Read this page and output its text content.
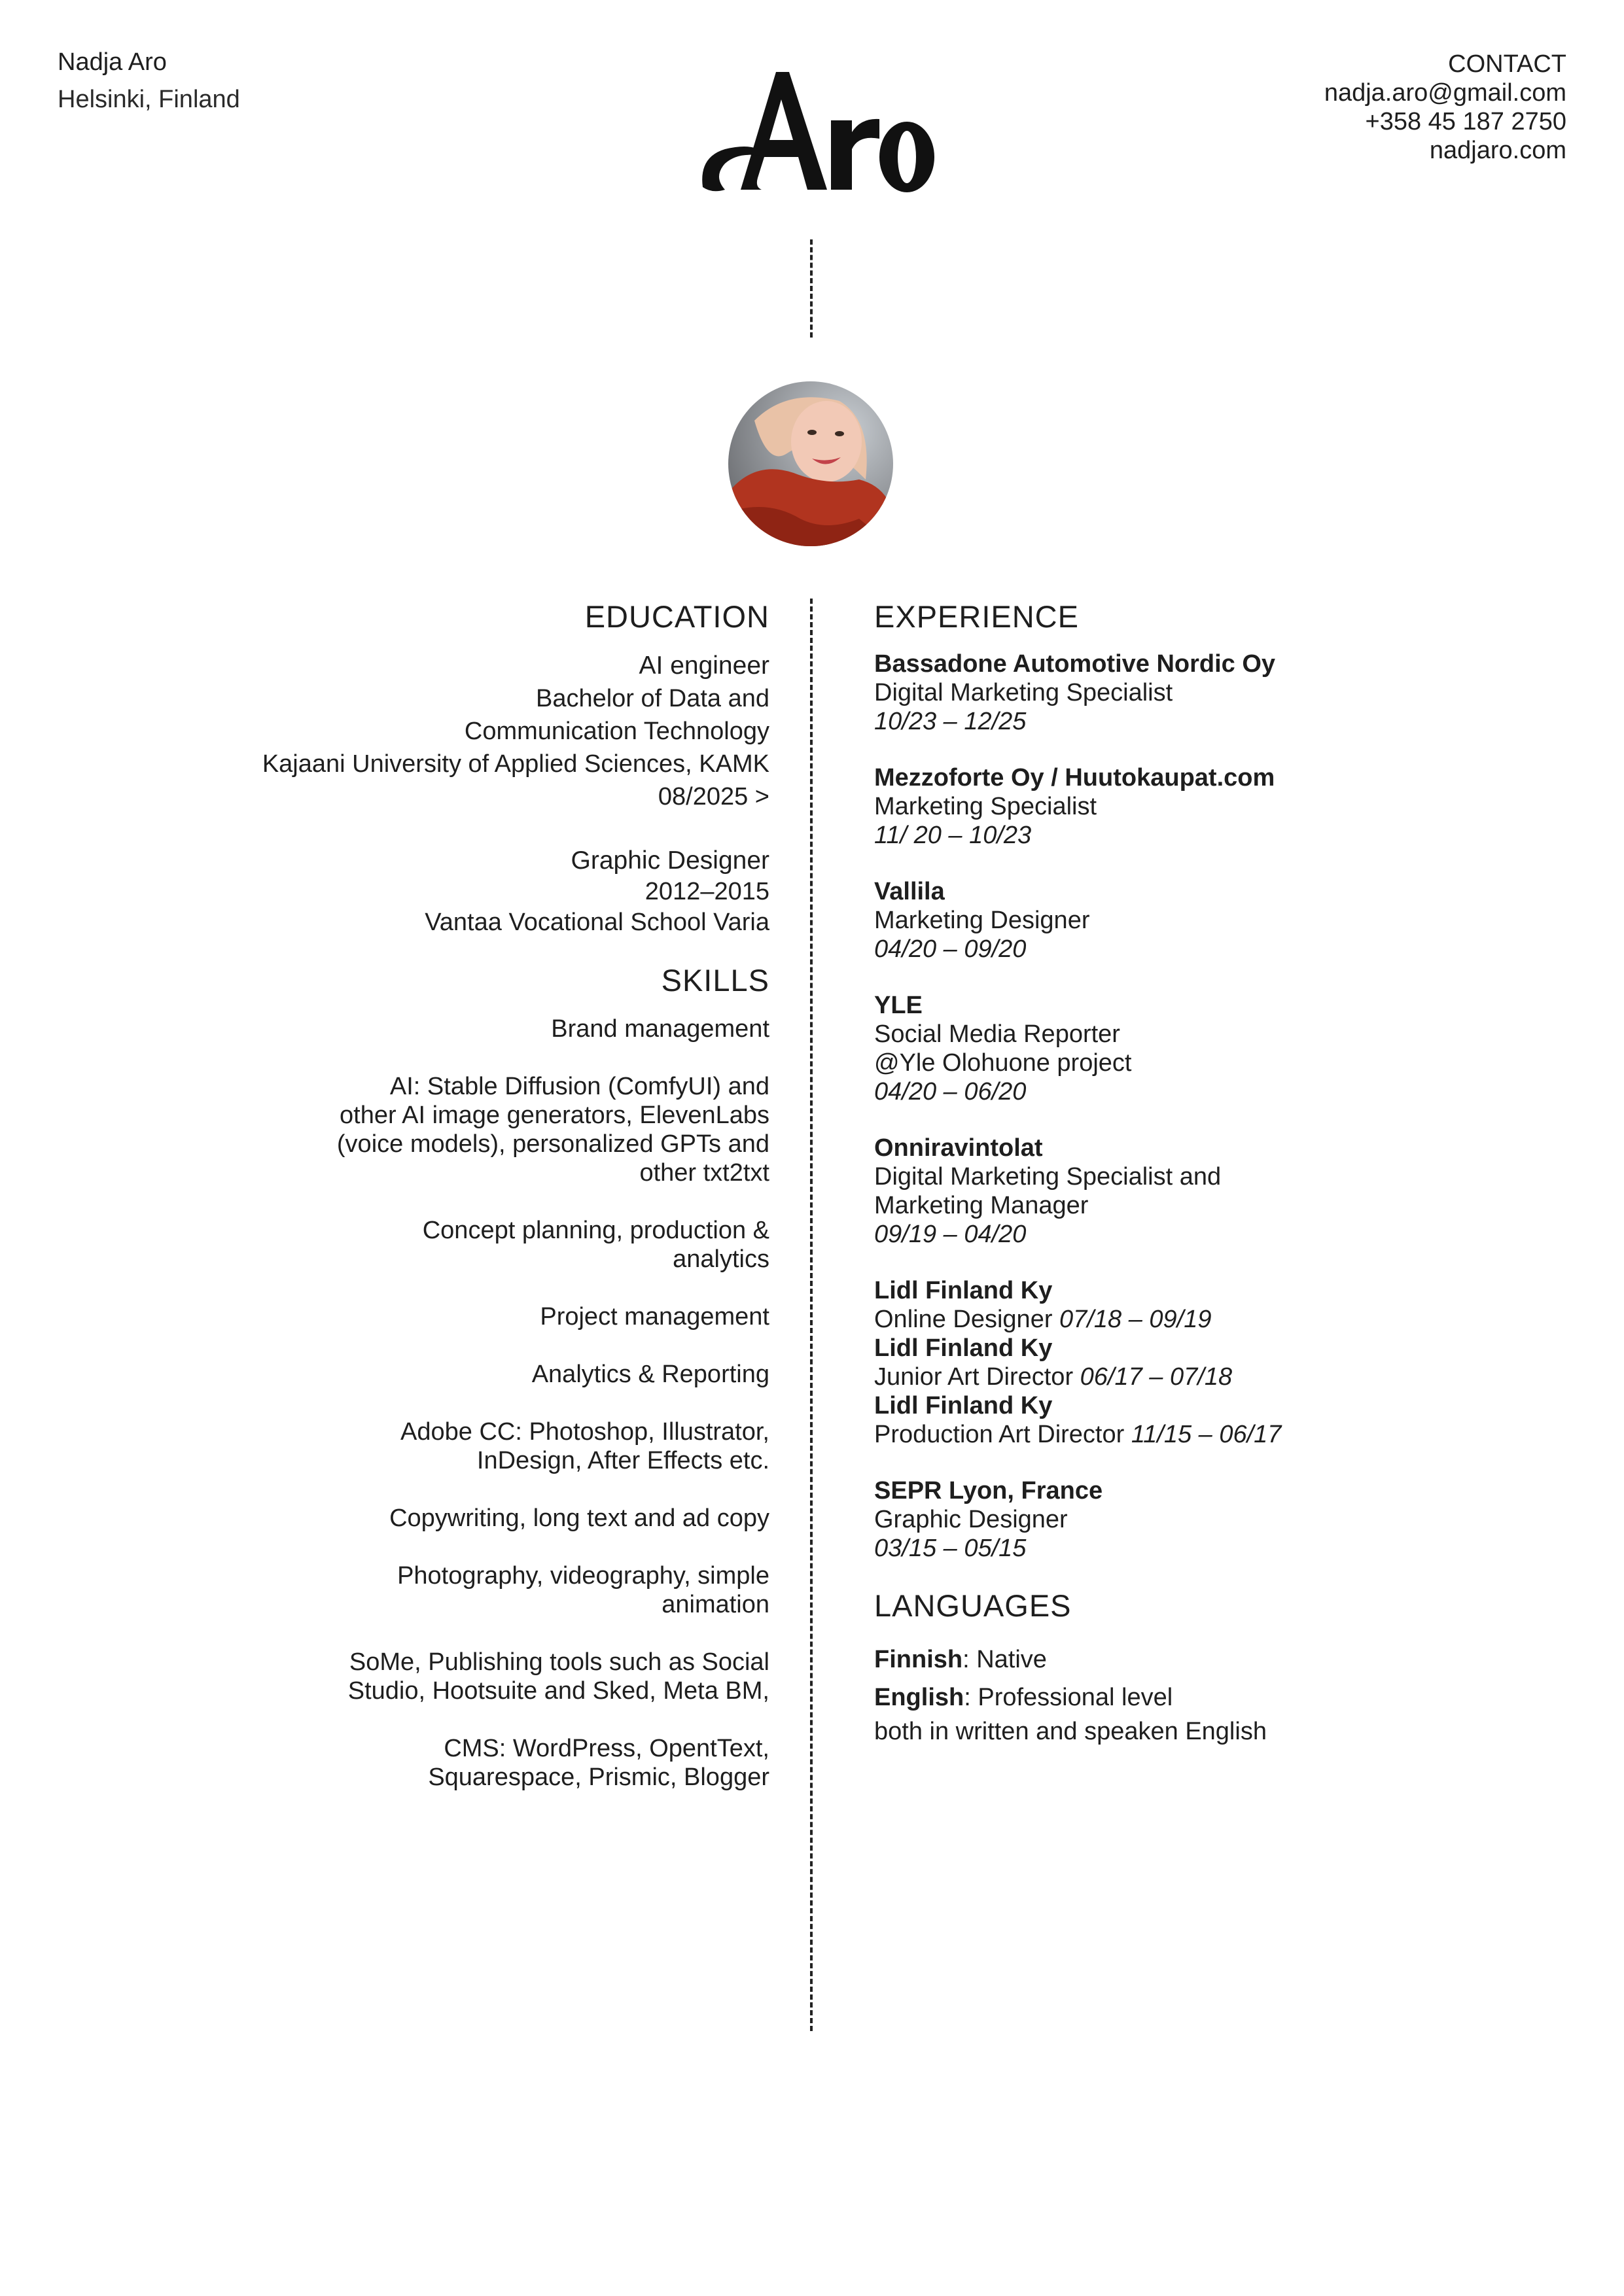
Nadja Aro
Helsinki, Finland
CONTACT
nadja.aro@gmail.com
+358 45 187 2750
nadjaro.com
EDUCATION
AI engineer
Bachelor of Data and
Communication Technology
Kajaani University of Applied Sciences, KAMK
08/2025 >
Graphic Designer
2012–2015
Vantaa Vocational School Varia
SKILLS
Brand management
AI: Stable Diffusion (ComfyUI) and
other AI image generators, ElevenLabs
(voice models), personalized GPTs and
other txt2txt
Concept planning, production &
analytics
Project management
Analytics & Reporting
Adobe CC: Photoshop, Illustrator,
InDesign, After Effects etc.
Copywriting, long text and ad copy
Photography, videography, simple
animation
SoMe, Publishing tools such as Social
Studio, Hootsuite and Sked, Meta BM,
CMS: WordPress, OpentText,
Squarespace, Prismic, Blogger
EXPERIENCE
Bassadone Automotive Nordic Oy
Digital Marketing Specialist
10/23 – 12/25
Mezzoforte Oy / Huutokaupat.com
Marketing Specialist
11/ 20 – 10/23
Vallila
Marketing Designer
04/20 – 09/20
YLE
Social Media Reporter
@Yle Olohuone project
04/20 – 06/20
Onniravintolat
Digital Marketing Specialist and
Marketing Manager
09/19 – 04/20
Lidl Finland Ky
Online Designer 07/18 – 09/19
Lidl Finland Ky
Junior Art Director 06/17 – 07/18
Lidl Finland Ky
Production Art Director 11/15 – 06/17
SEPR Lyon, France
Graphic Designer
03/15 – 05/15
LANGUAGES
Finnish: Native
English: Professional level
both in written and speaken English
